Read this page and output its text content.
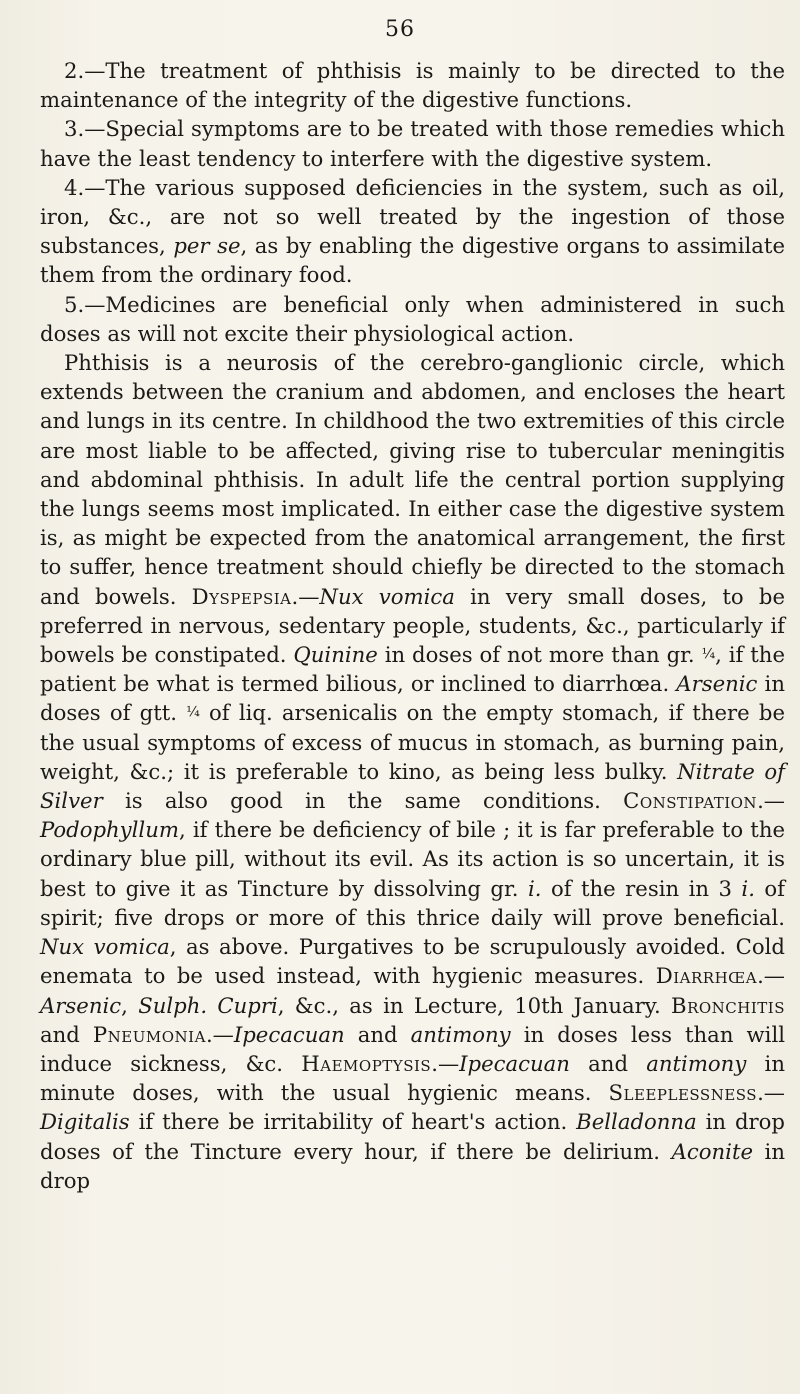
56

2.—The treatment of phthisis is mainly to be directed to the maintenance of the integrity of the digestive functions.

3.—Special symptoms are to be treated with those remedies which have the least tendency to interfere with the digestive system.

4.—The various supposed deficiencies in the system, such as oil, iron, &c., are not so well treated by the ingestion of those substances, per se, as by enabling the digestive organs to assimilate them from the ordinary food.

5.—Medicines are beneficial only when administered in such doses as will not excite their physiological action.

Phthisis is a neurosis of the cerebro-ganglionic circle, which extends between the cranium and abdomen, and encloses the heart and lungs in its centre. In childhood the two extremities of this circle are most liable to be affected, giving rise to tubercular meningitis and abdominal phthisis. In adult life the central portion supplying the lungs seems most implicated. In either case the digestive system is, as might be expected from the anatomical arrangement, the first to suffer, hence treatment should chiefly be directed to the stomach and bowels. Dyspepsia.—Nux vomica in very small doses, to be preferred in nervous, sedentary people, students, &c., particularly if bowels be constipated. Quinine in doses of not more than gr. ¼, if the patient be what is termed bilious, or inclined to diarrhœa. Arsenic in doses of gtt. ¼ of liq. arsenicalis on the empty stomach, if there be the usual symptoms of excess of mucus in stomach, as burning pain, weight, &c.; it is preferable to kino, as being less bulky. Nitrate of Silver is also good in the same conditions. Constipation.—Podophyllum, if there be deficiency of bile ; it is far preferable to the ordinary blue pill, without its evil. As its action is so uncertain, it is best to give it as Tincture by dissolving gr. i. of the resin in 3 i. of spirit; five drops or more of this thrice daily will prove beneficial. Nux vomica, as above. Purgatives to be scrupulously avoided. Cold enemata to be used instead, with hygienic measures. Diarrhœa.—Arsenic, Sulph. Cupri, &c., as in Lecture, 10th January. Bronchitis and Pneumonia.—Ipecacuan and antimony in doses less than will induce sickness, &c. Haemoptysis.—Ipecacuan and antimony in minute doses, with the usual hygienic means. Sleeplessness.—Digitalis if there be irritability of heart's action. Belladonna in drop doses of the Tincture every hour, if there be delirium. Aconite in drop
